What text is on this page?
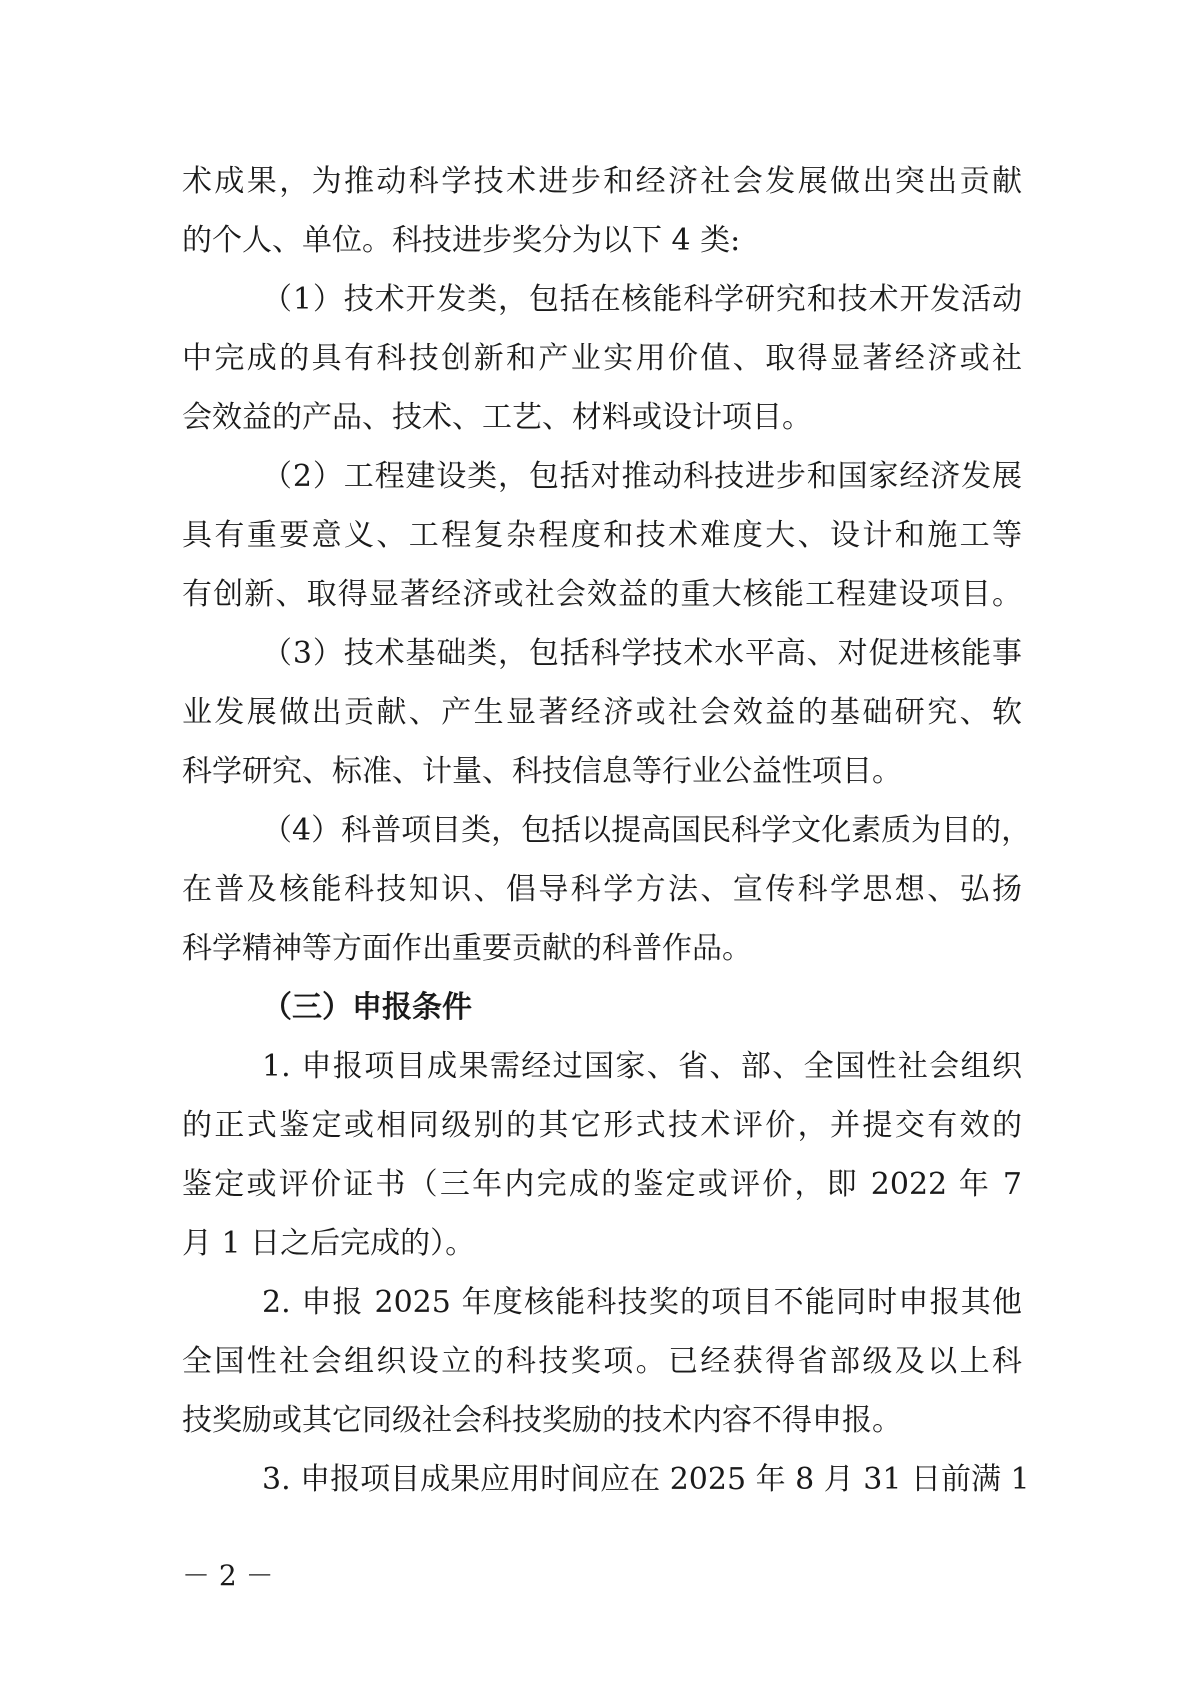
术成果，为推动科学技术进步和经济社会发展做出突出贡献
的个人、单位。科技进步奖分为以下 4 类:
（1）技术开发类，包括在核能科学研究和技术开发活动
中完成的具有科技创新和产业实用价值、取得显著经济或社
会效益的产品、技术、工艺、材料或设计项目。
（2）工程建设类，包括对推动科技进步和国家经济发展
具有重要意义、工程复杂程度和技术难度大、设计和施工等
有创新、取得显著经济或社会效益的重大核能工程建设项目。
（3）技术基础类，包括科学技术水平高、对促进核能事
业发展做出贡献、产生显著经济或社会效益的基础研究、软
科学研究、标准、计量、科技信息等行业公益性项目。
（4）科普项目类，包括以提高国民科学文化素质为目的，
在普及核能科技知识、倡导科学方法、宣传科学思想、弘扬
科学精神等方面作出重要贡献的科普作品。
（三）申报条件
1. 申报项目成果需经过国家、省、部、全国性社会组织
的正式鉴定或相同级别的其它形式技术评价，并提交有效的
鉴定或评价证书（三年内完成的鉴定或评价，即 2022 年 7
月 1 日之后完成的）。
2. 申报 2025 年度核能科技奖的项目不能同时申报其他
全国性社会组织设立的科技奖项。已经获得省部级及以上科
技奖励或其它同级社会科技奖励的技术内容不得申报。
3. 申报项目成果应用时间应在 2025 年 8 月 31 日前满 1
－ 2 －
